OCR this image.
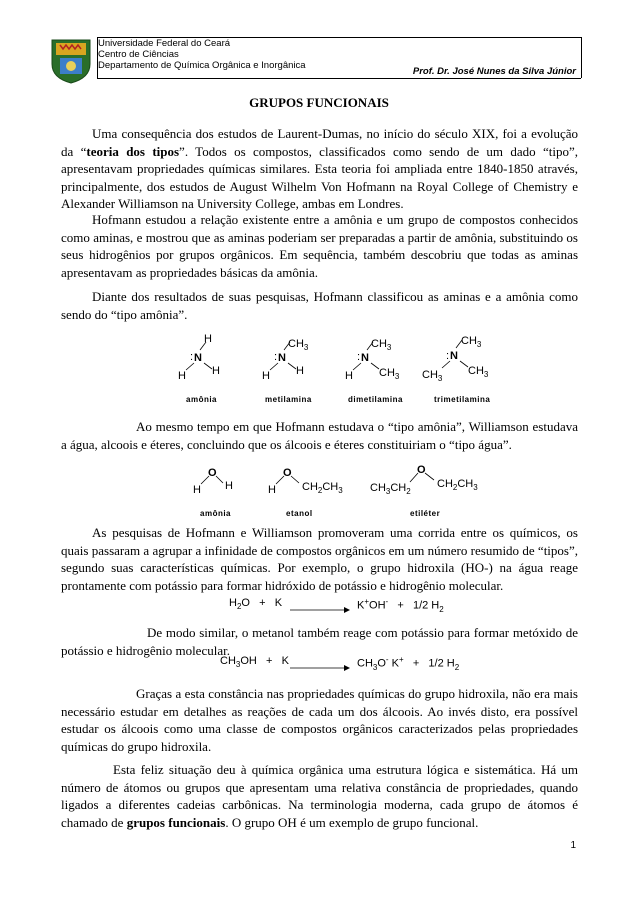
Universidade Federal do Ceará
Centro de Ciências
Departamento de Química Orgânica e Inorgânica
Prof. Dr. José Nunes da Silva Júnior
GRUPOS FUNCIONAIS
Uma consequência dos estudos de Laurent-Dumas, no início do século XIX, foi a evolução da “teoria dos tipos”. Todos os compostos, classificados como sendo de um dado “tipo”, apresentavam propriedades químicas similares. Esta teoria foi ampliada entre 1840-1850 através, principalmente, dos estudos de August Wilhelm Von Hofmann na Royal College of Chemistry e Alexander Williamson na University College, ambas em Londres.
Hofmann estudou a relação existente entre a amônia e um grupo de compostos conhecidos como aminas, e mostrou que as aminas poderiam ser preparadas a partir de amônia, substituindo os seus hidrogênios por grupos orgânicos. Em sequência, também descobriu que todas as aminas apresentavam as propriedades básicas da amônia.
Diante dos resultados de suas pesquisas, Hofmann classificou as aminas e a amônia como sendo do “tipo amônia”.
H
: N
H H
$CH_3$
: N
H H
$CH_3$
: N
H $CH_3$
$CH_3$
: N
$CH_3$
$CH_3$
amônia	metilamina	dimetilamina	trimetilamina
Ao mesmo tempo em que Hofmann estudava o “tipo amônia”, Williamson estudava a água, alcoois e éteres, concluindo que os álcoois e éteres constituiriam o “tipo água”.
O
H H
O
H $CH_2CH_3$
O
$CH_3CH_2$
$CH_2CH_3$
amônia	etanol	etiléter
As pesquisas de Hofmann e Williamson promoveram uma corrida entre os químicos, os quais passaram a agrupar a infinidade de compostos orgânicos em um número resumido de “tipos”, segundo suas características químicas. Por exemplo, o grupo hidroxila (HO-) na água reage prontamente com potássio para formar hidróxido de potássio e hidrogênio molecular.
$H_2O + K$	K+OH-   +   1/2 $H_2$
De modo similar, o metanol também reage com potássio para formar metóxido de potássio e hidrogênio molecular.
$CH_3OH + K$	$CH_3O^-$ K+   +   1/2 $H_2$
Graças a esta constância nas propriedades químicas do grupo hidroxila, não era mais necessário estudar em detalhes as reações de cada um dos álcoois. Ao invés disto, era possível estudar os álcoois como uma classe de compostos orgânicos caracterizados pelas propriedades químicas do grupo hidroxila.
Esta feliz situação deu à química orgânica uma estrutura lógica e sistemática. Há um número de átomos ou grupos que apresentam uma relativa constância de propriedades, quando ligados a diferentes cadeias carbônicas. Na terminologia moderna, cada grupo de átomos é chamado de grupos funcionais. O grupo OH é um exemplo de grupo funcional.
1
